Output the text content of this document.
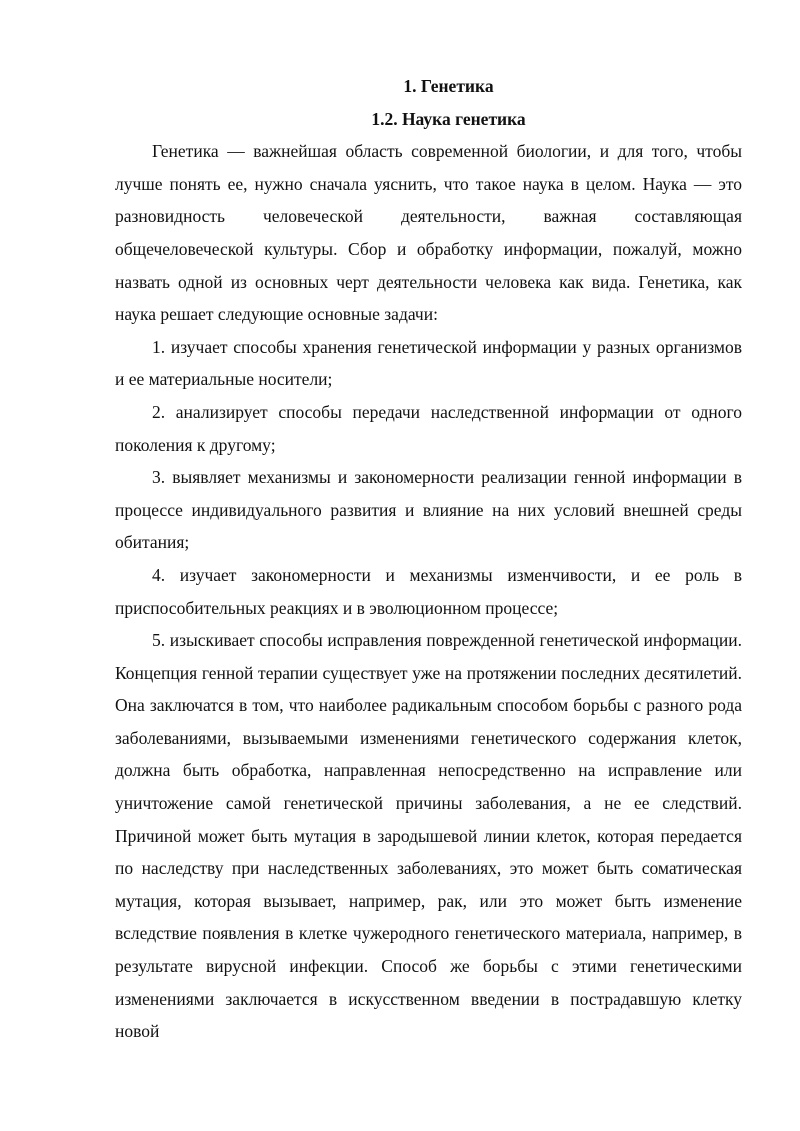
1. Генетика
1.2. Наука генетика

Генетика — важнейшая область современной биологии, и для того, чтобы лучше понять ее, нужно сначала уяснить, что такое наука в целом. Наука — это разновидность человеческой деятельности, важная составляющая общечеловеческой культуры. Сбор и обработку информации, пожалуй, можно назвать одной из основных черт деятельности человека как вида. Генетика, как наука решает следующие основные задачи:

1. изучает способы хранения генетической информации у разных организмов и ее материальные носители;

2. анализирует способы передачи наследственной информации от одного поколения к другому;

3. выявляет механизмы и закономерности реализации генной информации в процессе индивидуального развития и влияние на них условий внешней среды обитания;

4. изучает закономерности и механизмы изменчивости, и ее роль в приспособительных реакциях и в эволюционном процессе;

5. изыскивает способы исправления поврежденной генетической информации. Концепция генной терапии существует уже на протяжении последних десятилетий. Она заключатся в том, что наиболее радикальным способом борьбы с разного рода заболеваниями, вызываемыми изменениями генетического содержания клеток, должна быть обработка, направленная непосредственно на исправление или уничтожение самой генетической причины заболевания, а не ее следствий. Причиной может быть мутация в зародышевой линии клеток, которая передается по наследству при наследственных заболеваниях, это может быть соматическая мутация, которая вызывает, например, рак, или это может быть изменение вследствие появления в клетке чужеродного генетического материала, например, в результате вирусной инфекции. Способ же борьбы с этими генетическими изменениями заключается в искусственном введении в пострадавшую клетку новой
